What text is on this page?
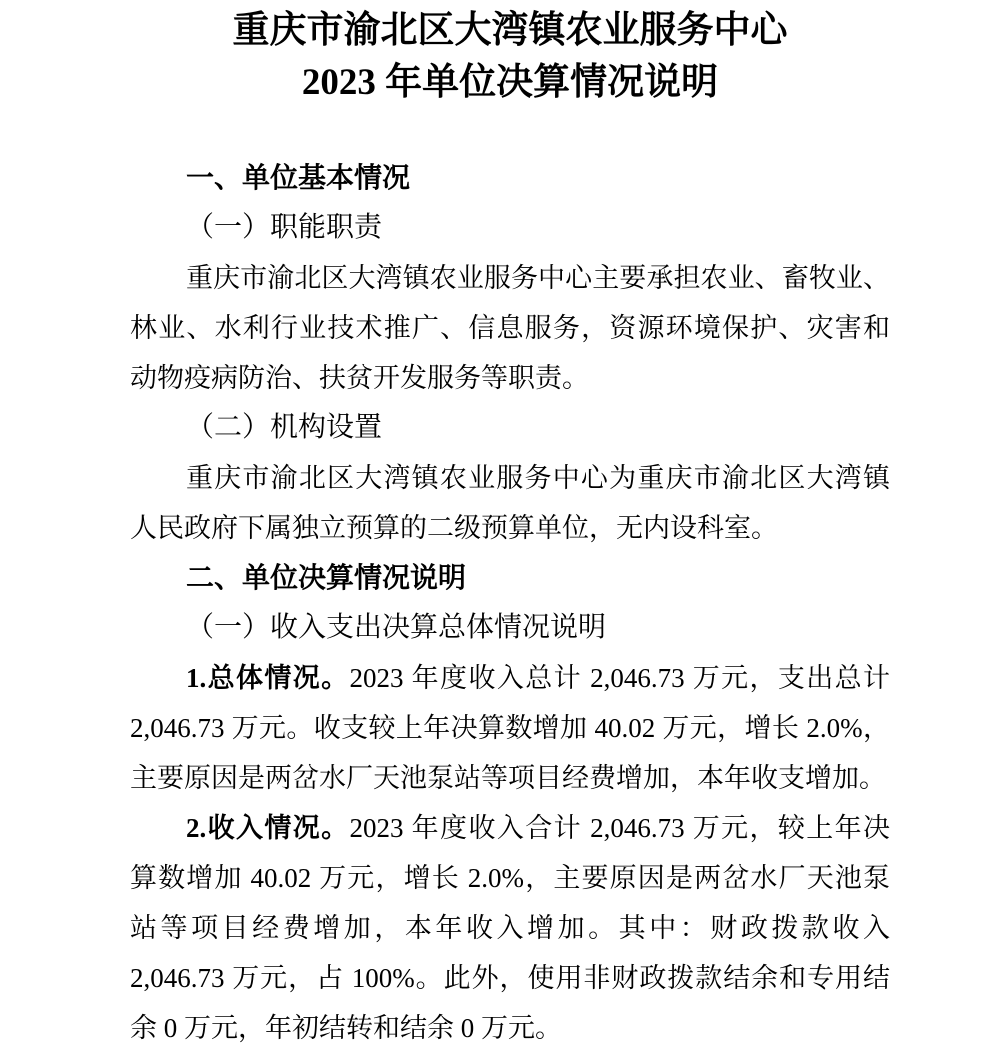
重庆市渝北区大湾镇农业服务中心
2023 年单位决算情况说明
一、单位基本情况
（一）职能职责
重庆市渝北区大湾镇农业服务中心主要承担农业、畜牧业、
林业、水利行业技术推广、信息服务，资源环境保护、灾害和
动物疫病防治、扶贫开发服务等职责。
（二）机构设置
重庆市渝北区大湾镇农业服务中心为重庆市渝北区大湾镇
人民政府下属独立预算的二级预算单位，无内设科室。
二、单位决算情况说明
（一）收入支出决算总体情况说明
1.总体情况。2023 年度收入总计 2,046.73 万元，支出总计
2,046.73 万元。收支较上年决算数增加 40.02 万元，增长 2.0%，
主要原因是两岔水厂天池泵站等项目经费增加，本年收支增加。
2.收入情况。2023 年度收入合计 2,046.73 万元，较上年决
算数增加 40.02 万元，增长 2.0%，主要原因是两岔水厂天池泵
站等项目经费增加，本年收入增加。其中：财政拨款收入
2,046.73 万元，占 100%。此外，使用非财政拨款结余和专用结
余 0 万元，年初结转和结余 0 万元。
